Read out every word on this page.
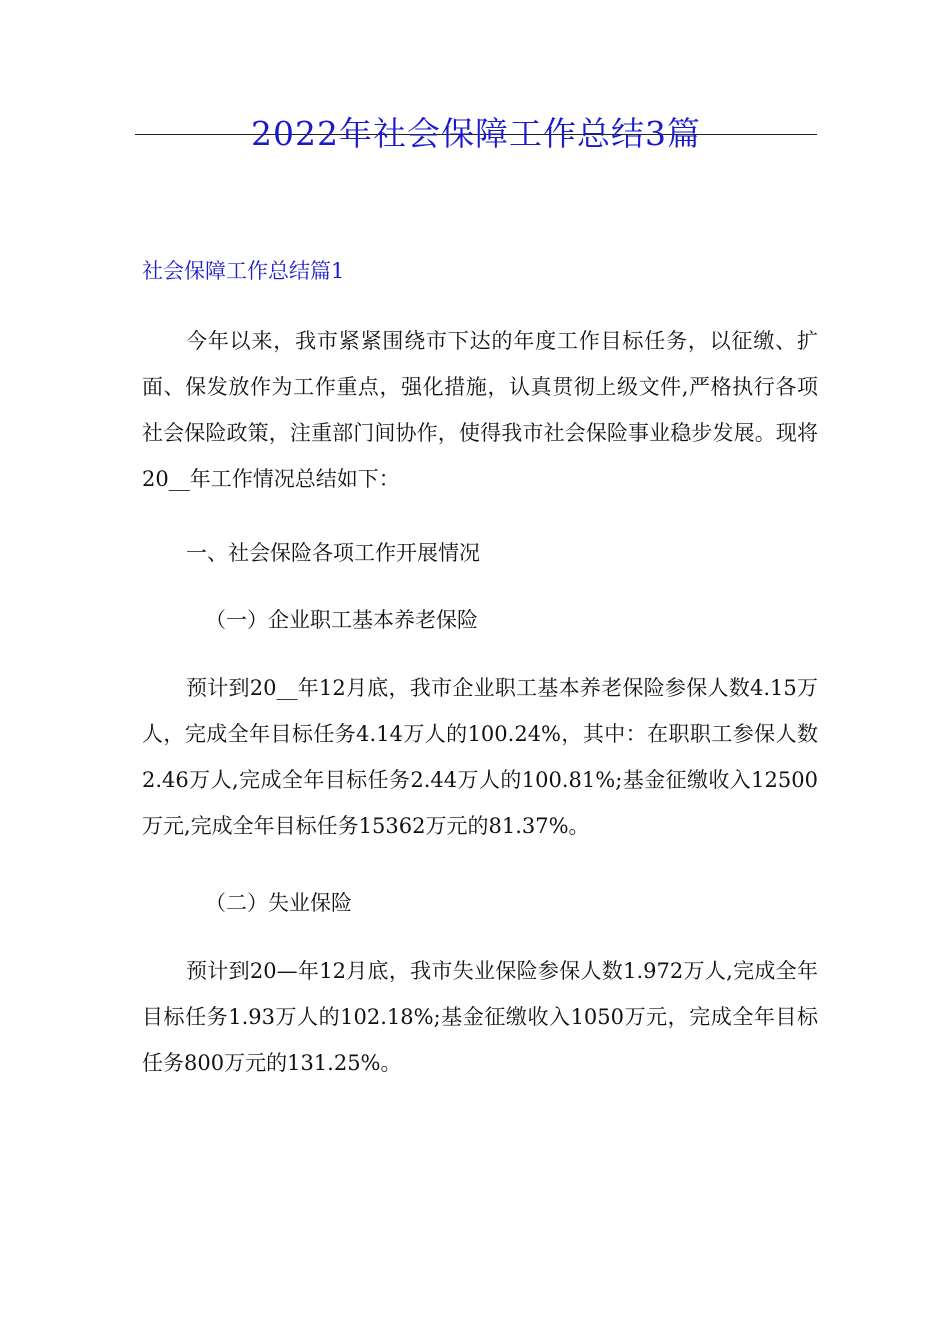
2022年社会保障工作总结3篇
社会保障工作总结篇1

今年以来，我市紧紧围绕市下达的年度工作目标任务，以征缴、扩面、保发放作为工作重点，强化措施，认真贯彻上级文件,严格执行各项社会保险政策，注重部门间协作，使得我市社会保险事业稳步发展。现将20__年工作情况总结如下：

一、社会保险各项工作开展情况
（一）企业职工基本养老保险

预计到20__年12月底，我市企业职工基本养老保险参保人数4.15万人，完成全年目标任务4.14万人的100.24%，其中：在职职工参保人数2.46万人,完成全年目标任务2.44万人的100.81%;基金征缴收入12500万元,完成全年目标任务15362万元的81.37%。

（二）失业保险

预计到20—年12月底，我市失业保险参保人数1.972万人,完成全年目标任务1.93万人的102.18%;基金征缴收入1050万元，完成全年目标任务800万元的131.25%。
